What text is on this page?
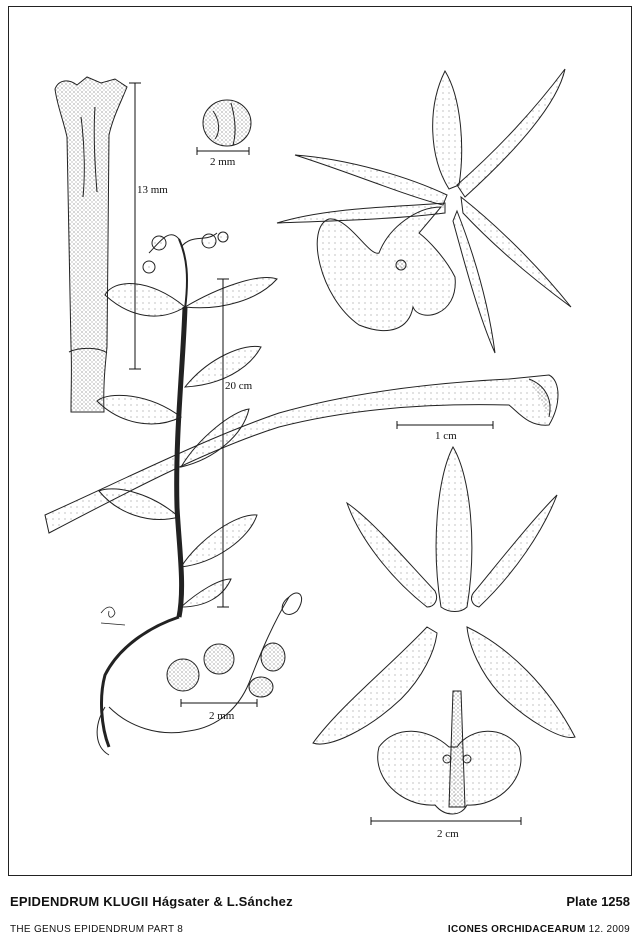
13 mm
2 mm
1 cm
20 cm
2 mm
2 cm
EPIDENDRUM KLUGII Hágsater & L.Sánchez	Plate 1258
THE GENUS EPIDENDRUM PART 8	ICONES ORCHIDACEARUM 12. 2009
